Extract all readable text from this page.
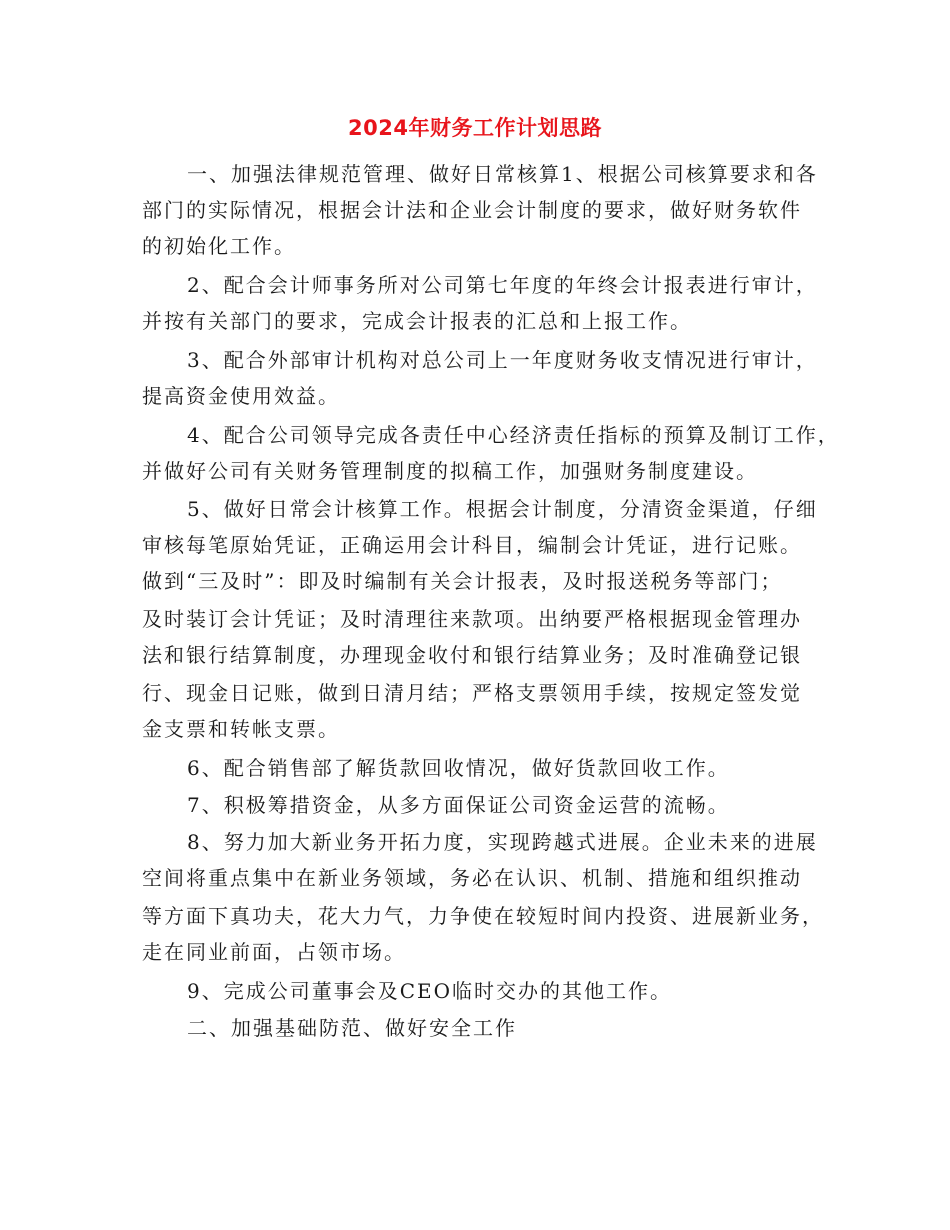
2024年财务工作计划思路
一、加强法律规范管理、做好日常核算1、根据公司核算要求和各
部门的实际情况，根据会计法和企业会计制度的要求，做好财务软件
的初始化工作。
2、配合会计师事务所对公司第七年度的年终会计报表进行审计，
并按有关部门的要求，完成会计报表的汇总和上报工作。
3、配合外部审计机构对总公司上一年度财务收支情况进行审计，
提高资金使用效益。
4、配合公司领导完成各责任中心经济责任指标的预算及制订工作，
并做好公司有关财务管理制度的拟稿工作，加强财务制度建设。
5、做好日常会计核算工作。根据会计制度，分清资金渠道，仔细
审核每笔原始凭证，正确运用会计科目，编制会计凭证，进行记账。
做到“三及时”：即及时编制有关会计报表，及时报送税务等部门；
及时装订会计凭证；及时清理往来款项。出纳要严格根据现金管理办
法和银行结算制度，办理现金收付和银行结算业务；及时准确登记银
行、现金日记账，做到日清月结；严格支票领用手续，按规定签发觉
金支票和转帐支票。
6、配合销售部了解货款回收情况，做好货款回收工作。
7、积极筹措资金，从多方面保证公司资金运营的流畅。
8、努力加大新业务开拓力度，实现跨越式进展。企业未来的进展
空间将重点集中在新业务领域，务必在认识、机制、措施和组织推动
等方面下真功夫，花大力气，力争使在较短时间内投资、进展新业务，
走在同业前面，占领市场。
9、完成公司董事会及CEO临时交办的其他工作。
二、加强基础防范、做好安全工作
